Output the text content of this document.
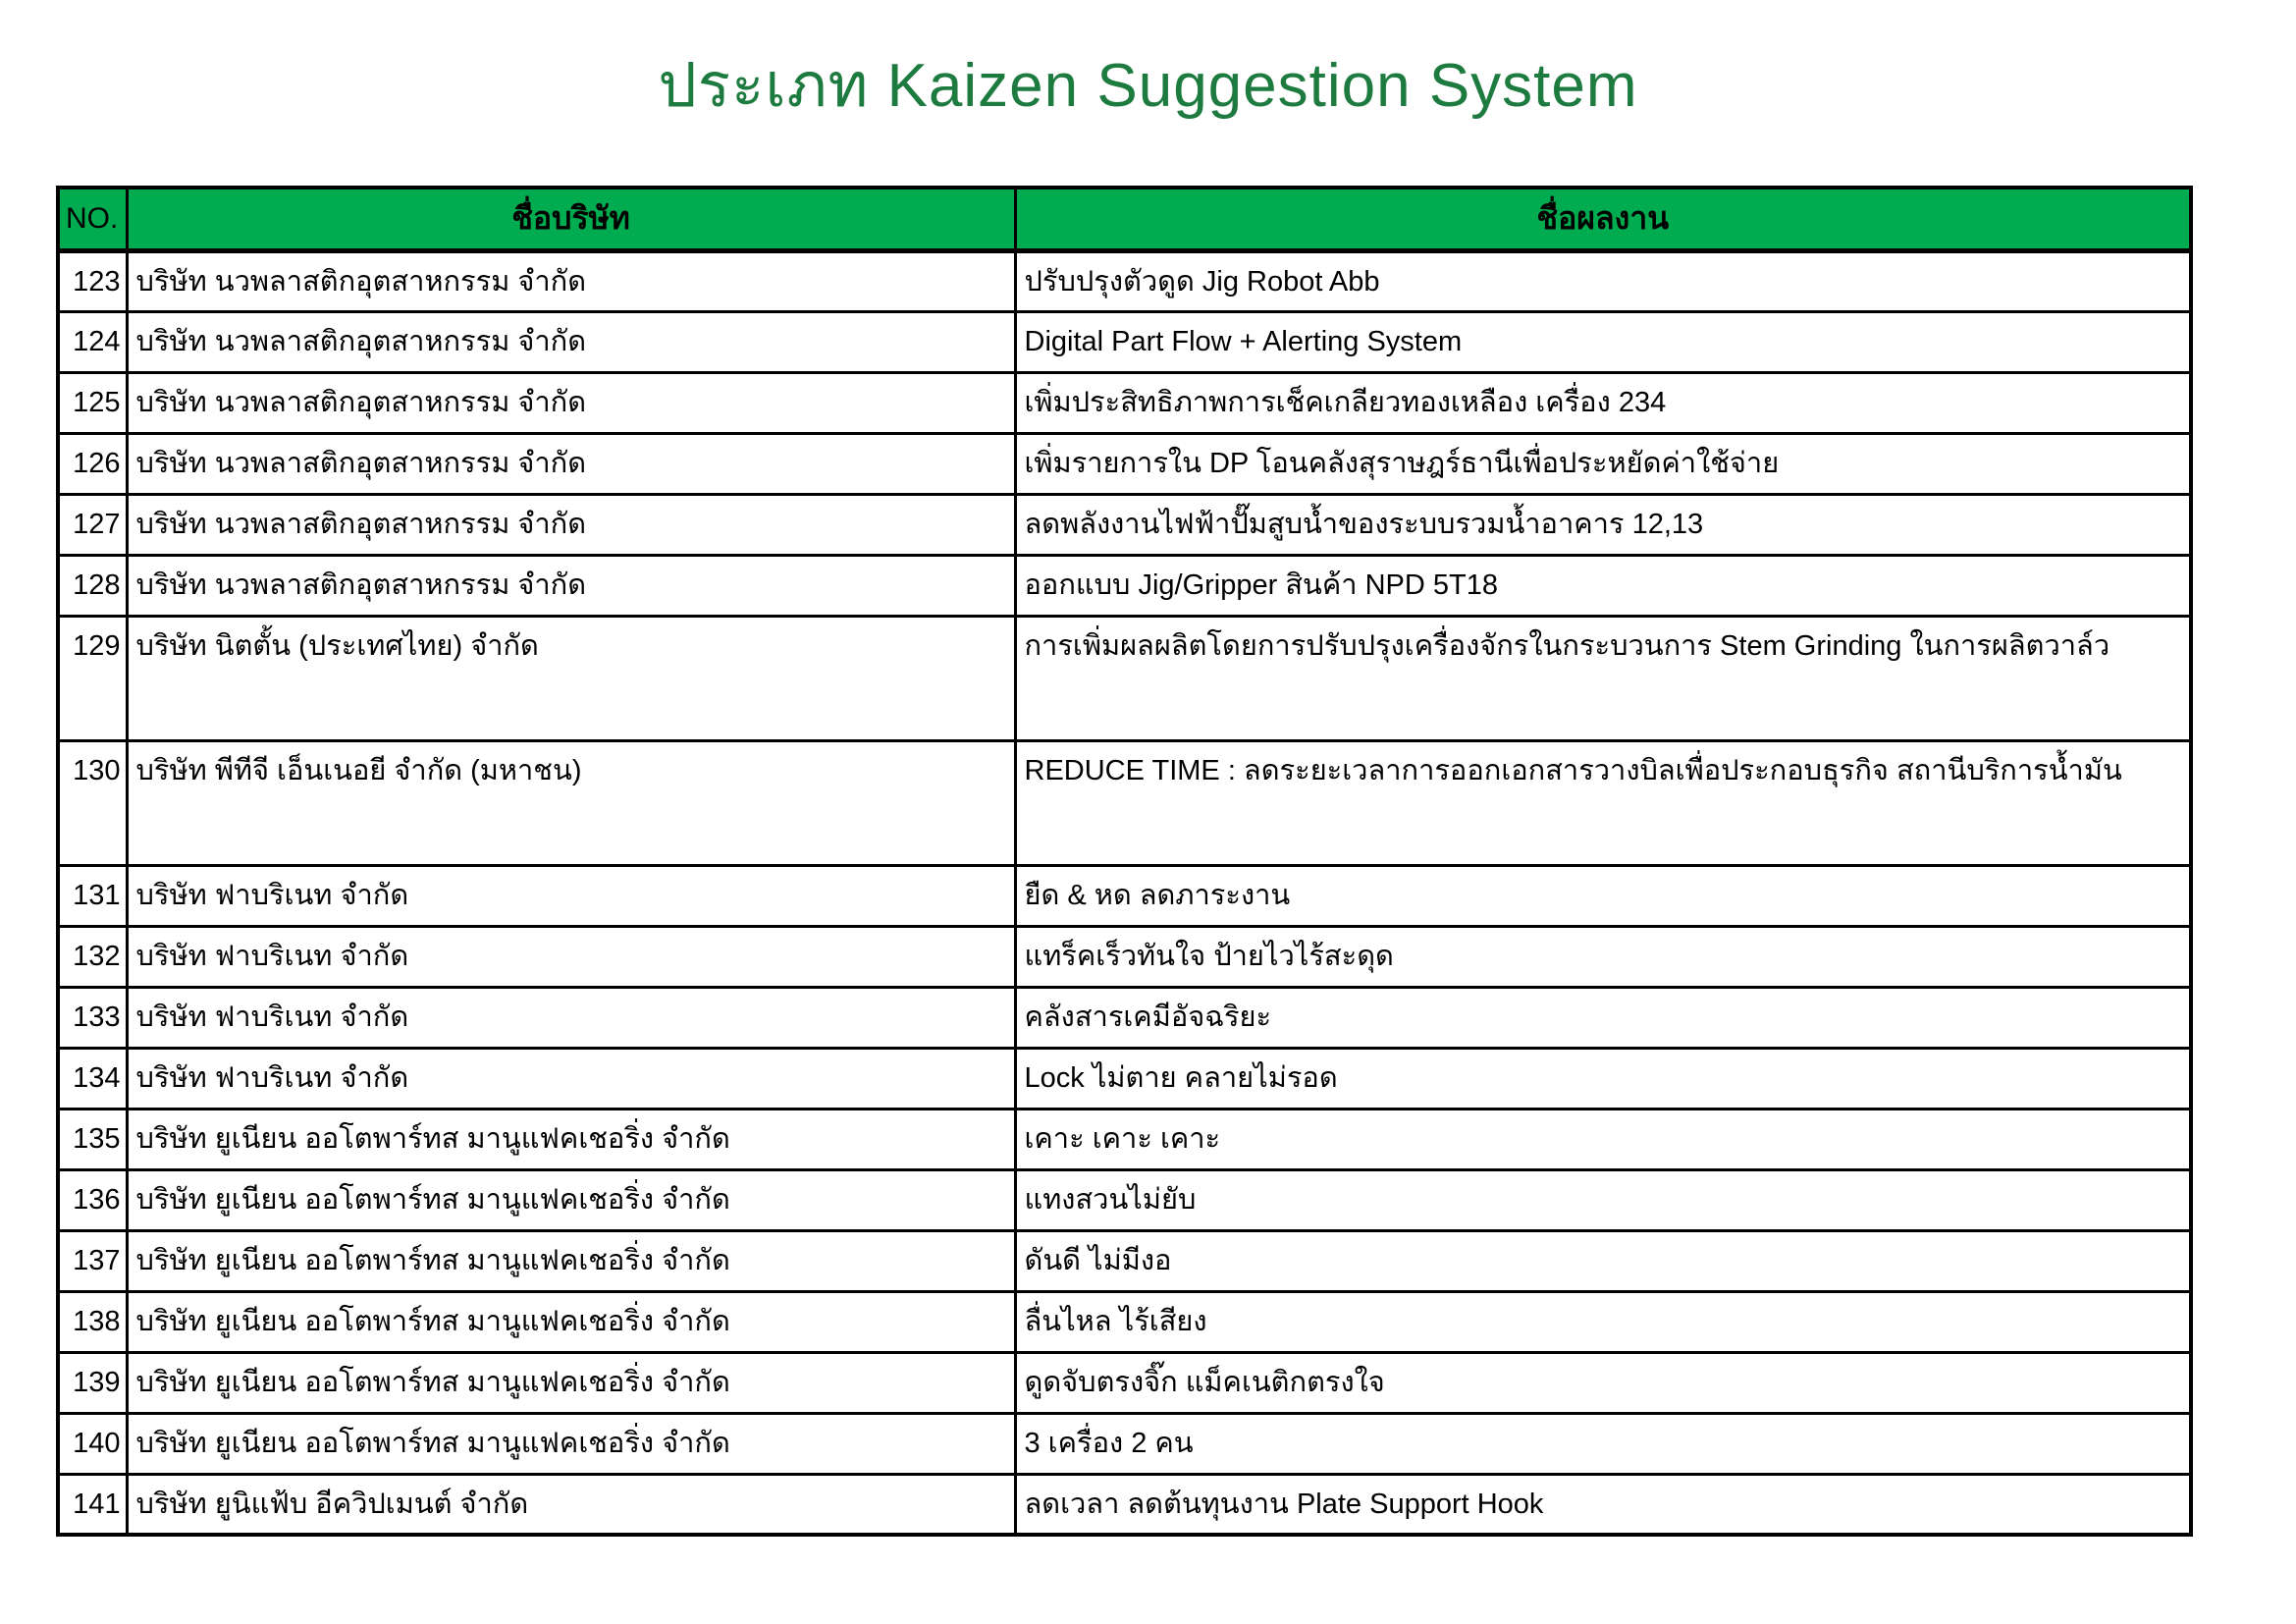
ประเภท Kaizen Suggestion System
NO.	ชื่อบริษัท	ชื่อผลงาน
123	บริษัท นวพลาสติกอุตสาหกรรม จำกัด	ปรับปรุงตัวดูด Jig Robot Abb
124	บริษัท นวพลาสติกอุตสาหกรรม จำกัด	Digital Part Flow + Alerting System
125	บริษัท นวพลาสติกอุตสาหกรรม จำกัด	เพิ่มประสิทธิภาพการเช็คเกลียวทองเหลือง เครื่อง 234
126	บริษัท นวพลาสติกอุตสาหกรรม จำกัด	เพิ่มรายการใน DP โอนคลังสุราษฎร์ธานีเพื่อประหยัดค่าใช้จ่าย
127	บริษัท นวพลาสติกอุตสาหกรรม จำกัด	ลดพลังงานไฟฟ้าปั๊มสูบน้ำของระบบรวมน้ำอาคาร 12,13
128	บริษัท นวพลาสติกอุตสาหกรรม จำกัด	ออกแบบ Jig/Gripper สินค้า NPD 5T18
129	บริษัท นิตตั้น (ประเทศไทย) จำกัด	การเพิ่มผลผลิตโดยการปรับปรุงเครื่องจักรในกระบวนการ Stem Grinding ในการผลิตวาล์ว
130	บริษัท พีทีจี เอ็นเนอยี จำกัด (มหาชน)	REDUCE TIME : ลดระยะเวลาการออกเอกสารวางบิลเพื่อประกอบธุรกิจ สถานีบริการน้ำมัน
131	บริษัท ฟาบริเนท จำกัด	ยืด & หด ลดภาระงาน
132	บริษัท ฟาบริเนท จำกัด	แทร็คเร็วทันใจ ป้ายไวไร้สะดุด
133	บริษัท ฟาบริเนท จำกัด	คลังสารเคมีอัจฉริยะ
134	บริษัท ฟาบริเนท จำกัด	Lock ไม่ตาย คลายไม่รอด
135	บริษัท ยูเนียน ออโตพาร์ทส มานูแฟคเชอริ่ง จำกัด	เคาะ เคาะ เคาะ
136	บริษัท ยูเนียน ออโตพาร์ทส มานูแฟคเชอริ่ง จำกัด	แทงสวนไม่ยับ
137	บริษัท ยูเนียน ออโตพาร์ทส มานูแฟคเชอริ่ง จำกัด	ดันดี ไม่มีงอ
138	บริษัท ยูเนียน ออโตพาร์ทส มานูแฟคเชอริ่ง จำกัด	ลื่นไหล ไร้เสียง
139	บริษัท ยูเนียน ออโตพาร์ทส มานูแฟคเชอริ่ง จำกัด	ดูดจับตรงจิ๊ก แม็คเนติกตรงใจ
140	บริษัท ยูเนียน ออโตพาร์ทส มานูแฟคเชอริ่ง จำกัด	3 เครื่อง 2 คน
141	บริษัท ยูนิแฟ้บ อีควิปเมนต์ จำกัด	ลดเวลา ลดต้นทุนงาน Plate Support Hook
